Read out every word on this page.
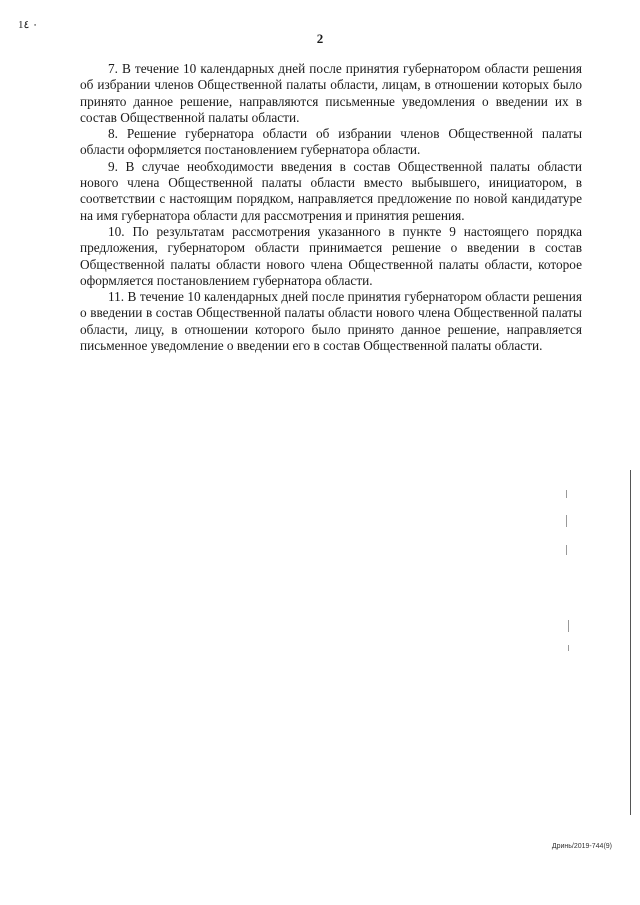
1٠ ٤
2

7. В течение 10 календарных дней после принятия губернатором области решения об избрании членов Общественной палаты области, лицам, в отношении которых было принято данное решение, направляются письменные уведомления о введении их в состав Общественной палаты области.

8. Решение губернатора области об избрании членов Общественной палаты области оформляется постановлением губернатора области.

9. В случае необходимости введения в состав Общественной палаты области нового члена Общественной палаты области вместо выбывшего, инициатором, в соответствии с настоящим порядком, направляется предложение по новой кандидатуре на имя губернатора области для рассмотрения и принятия решения.

10. По результатам рассмотрения указанного в пункте 9 настоящего порядка предложения, губернатором области принимается решение о введении в состав Общественной палаты области нового члена Общественной палаты области, которое оформляется постановлением губернатора области.

11. В течение 10 календарных дней после принятия губернатором области решения о введении в состав Общественной палаты области нового члена Общественной палаты области, лицу, в отношении которого было принято данное решение, направляется письменное уведомление о введении его в состав Общественной палаты области.

Дринь/2019-744(9)
